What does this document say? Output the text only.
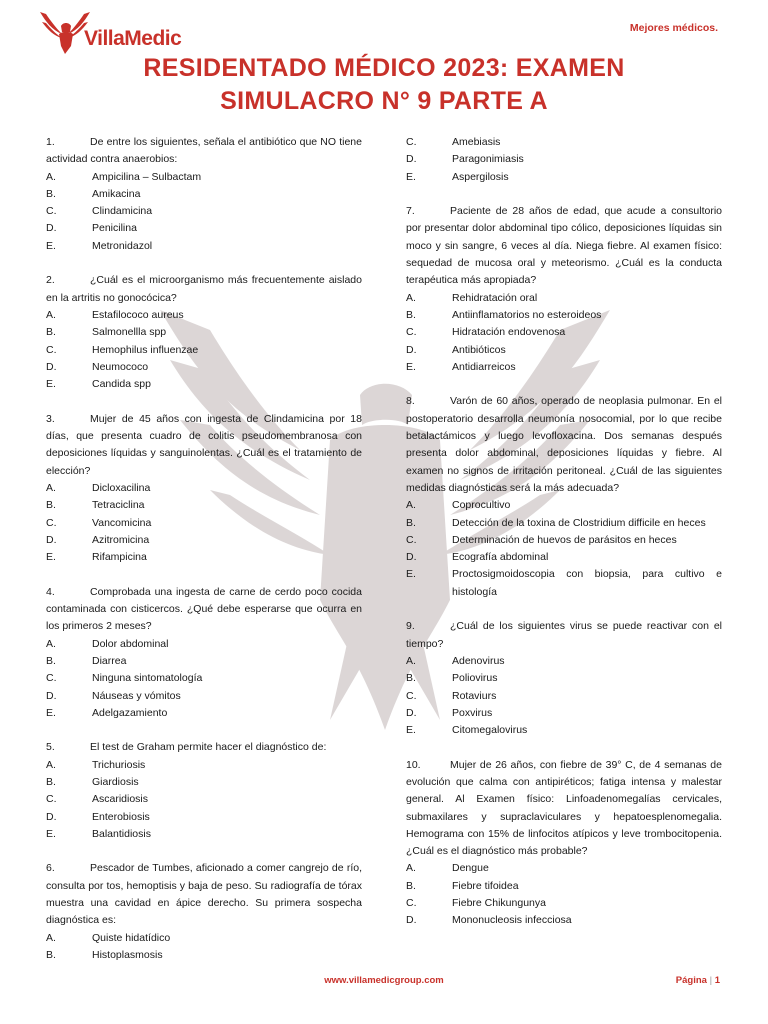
VillaMedic	Mejores médicos.
RESIDENTADO MÉDICO 2023: EXAMEN
SIMULACRO N° 9 PARTE A
1.	De entre los siguientes, señala el antibiótico que NO tiene actividad contra anaerobios:
A.	Ampicilina – Sulbactam
B.	Amikacina
C.	Clindamicina
D.	Penicilina
E.	Metronidazol
2.	¿Cuál es el microorganismo más frecuentemente aislado en la artritis no gonocócica?
A.	Estafilococo aureus
B.	Salmonellla spp
C.	Hemophilus influenzae
D.	Neumococo
E.	Candida spp
3.	Mujer de 45 años con ingesta de Clindamicina por 18 días, que presenta cuadro de colitis pseudomembranosa con deposiciones líquidas y sanguinolentas. ¿Cuál es el tratamiento de elección?
A.	Dicloxacilina
B.	Tetraciclina
C.	Vancomicina
D.	Azitromicina
E.	Rifampicina
4.	Comprobada una ingesta de carne de cerdo poco cocida contaminada con cisticercos. ¿Qué debe esperarse que ocurra en los primeros 2 meses?
A.	Dolor abdominal
B.	Diarrea
C.	Ninguna sintomatología
D.	Náuseas y vómitos
E.	Adelgazamiento
5.	El test de Graham permite hacer el diagnóstico de:
A.	Trichuriosis
B.	Giardiosis
C.	Ascaridiosis
D.	Enterobiosis
E.	Balantidiosis
6.	Pescador de Tumbes, aficionado a comer cangrejo de río, consulta por tos, hemoptisis y baja de peso. Su radiografía de tórax muestra una cavidad en ápice derecho. Su primera sospecha diagnóstica es:
A.	Quiste hidatídico
B.	Histoplasmosis
C.	Amebiasis
D.	Paragonimiasis
E.	Aspergilosis
7.	Paciente de 28 años de edad, que acude a consultorio por presentar dolor abdominal tipo cólico, deposiciones líquidas sin moco y sin sangre, 6 veces al día. Niega fiebre. Al examen físico: sequedad de mucosa oral y meteorismo. ¿Cuál es la conducta terapéutica más apropiada?
A.	Rehidratación oral
B.	Antiinflamatorios no esteroideos
C.	Hidratación endovenosa
D.	Antibióticos
E.	Antidiarreicos
8.	Varón de 60 años, operado de neoplasia pulmonar. En el postoperatorio desarrolla neumonía nosocomial, por lo que recibe betalactámicos y luego levofloxacina. Dos semanas después presenta dolor abdominal, deposiciones líquidas y fiebre. Al examen no signos de irritación peritoneal. ¿Cuál de las siguientes medidas diagnósticas será la más adecuada?
A.	Coprocultivo
B.	Detección de la toxina de Clostridium difficile en heces
C.	Determinación de huevos de parásitos en heces
D.	Ecografía abdominal
E.	Proctosigmoidoscopia con biopsia, para cultivo e histología
9.	¿Cuál de los siguientes virus se puede reactivar con el tiempo?
A.	Adenovirus
B.	Poliovirus
C.	Rotaviurs
D.	Poxvirus
E.	Citomegalovirus
10.	Mujer de 26 años, con fiebre de 39° C, de 4 semanas de evolución que calma con antipiréticos; fatiga intensa y malestar general. Al Examen físico: Linfoadenomegalías cervicales, submaxilares y supraclaviculares y hepatoesplenomegalia. Hemograma con 15% de linfocitos atípicos y leve trombocitopenia. ¿Cuál es el diagnóstico más probable?
A.	Dengue
B.	Fiebre tifoidea
C.	Fiebre Chikungunya
D.	Mononucleosis infecciosa
www.villamedicgroup.com	Página | 1
